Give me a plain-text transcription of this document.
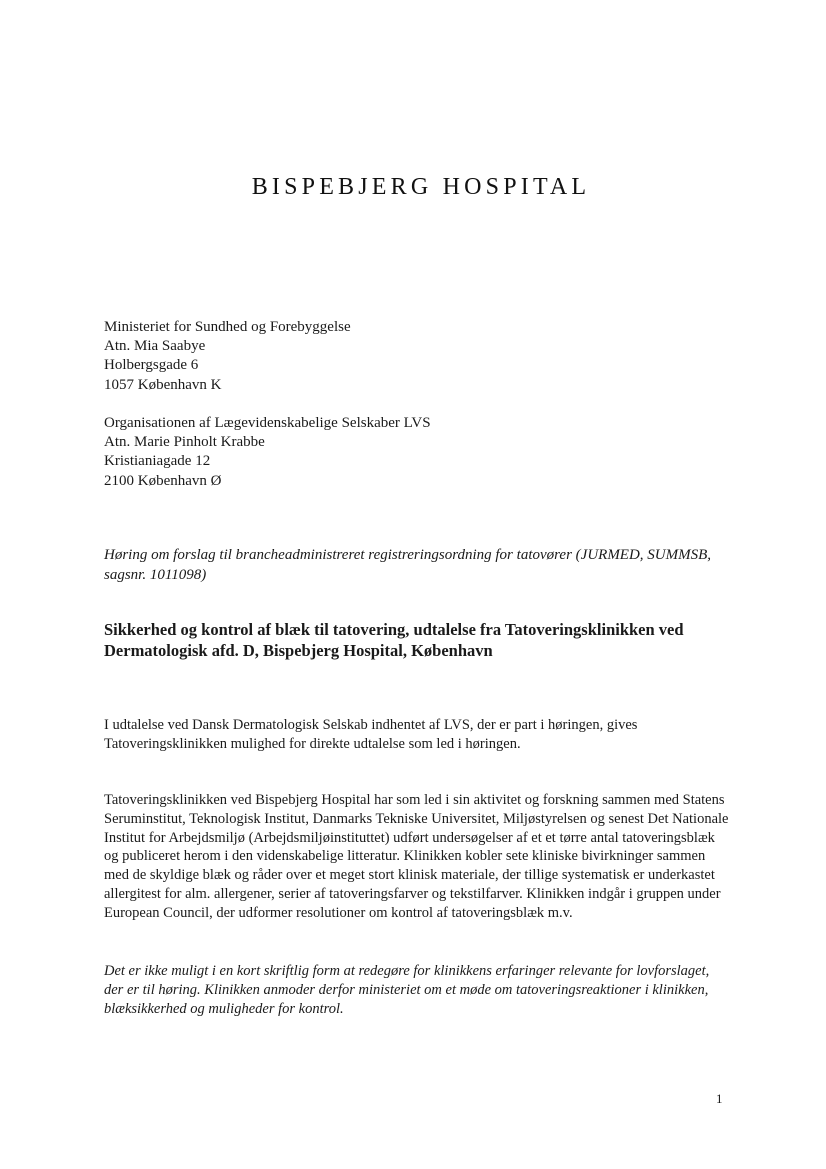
BISPEBJERG HOSPITAL
Ministeriet for Sundhed og Forebyggelse
Atn. Mia Saabye
Holbergsgade 6
1057 København K
Organisationen af Lægevidenskabelige Selskaber LVS
Atn. Marie Pinholt Krabbe
Kristianiagade 12
2100 København Ø
Høring om forslag til brancheadministreret registreringsordning for tatovører (JURMED, SUMMSB, sagsnr. 1011098)
Sikkerhed og kontrol af blæk til tatovering, udtalelse fra Tatoveringsklinikken ved Dermatologisk afd. D, Bispebjerg Hospital, København
I udtalelse ved Dansk Dermatologisk Selskab indhentet af LVS, der er part i høringen, gives Tatoveringsklinikken mulighed for direkte udtalelse som led i høringen.
Tatoveringsklinikken ved Bispebjerg Hospital har som led i sin aktivitet og forskning sammen med Statens Seruminstitut, Teknologisk Institut, Danmarks Tekniske Universitet, Miljøstyrelsen og senest Det Nationale Institut for Arbejdsmiljø (Arbejdsmiljøinstituttet) udført undersøgelser af et et tørre antal tatoveringsblæk og publiceret herom i den videnskabelige litteratur. Klinikken kobler sete kliniske bivirkninger sammen med de skyldige blæk og råder over et meget stort klinisk materiale, der tillige systematisk er underkastet allergitest for alm. allergener, serier af tatoveringsfarver og tekstilfarver. Klinikken indgår i gruppen under European Council, der udformer resolutioner om kontrol af tatoveringsblæk m.v.
Det er ikke muligt i en kort skriftlig form at redegøre for klinikkens erfaringer relevante for lovforslaget, der er til høring. Klinikken anmoder derfor ministeriet om et møde om tatoveringsreaktioner i klinikken, blæksikkerhed og muligheder for kontrol.
1
